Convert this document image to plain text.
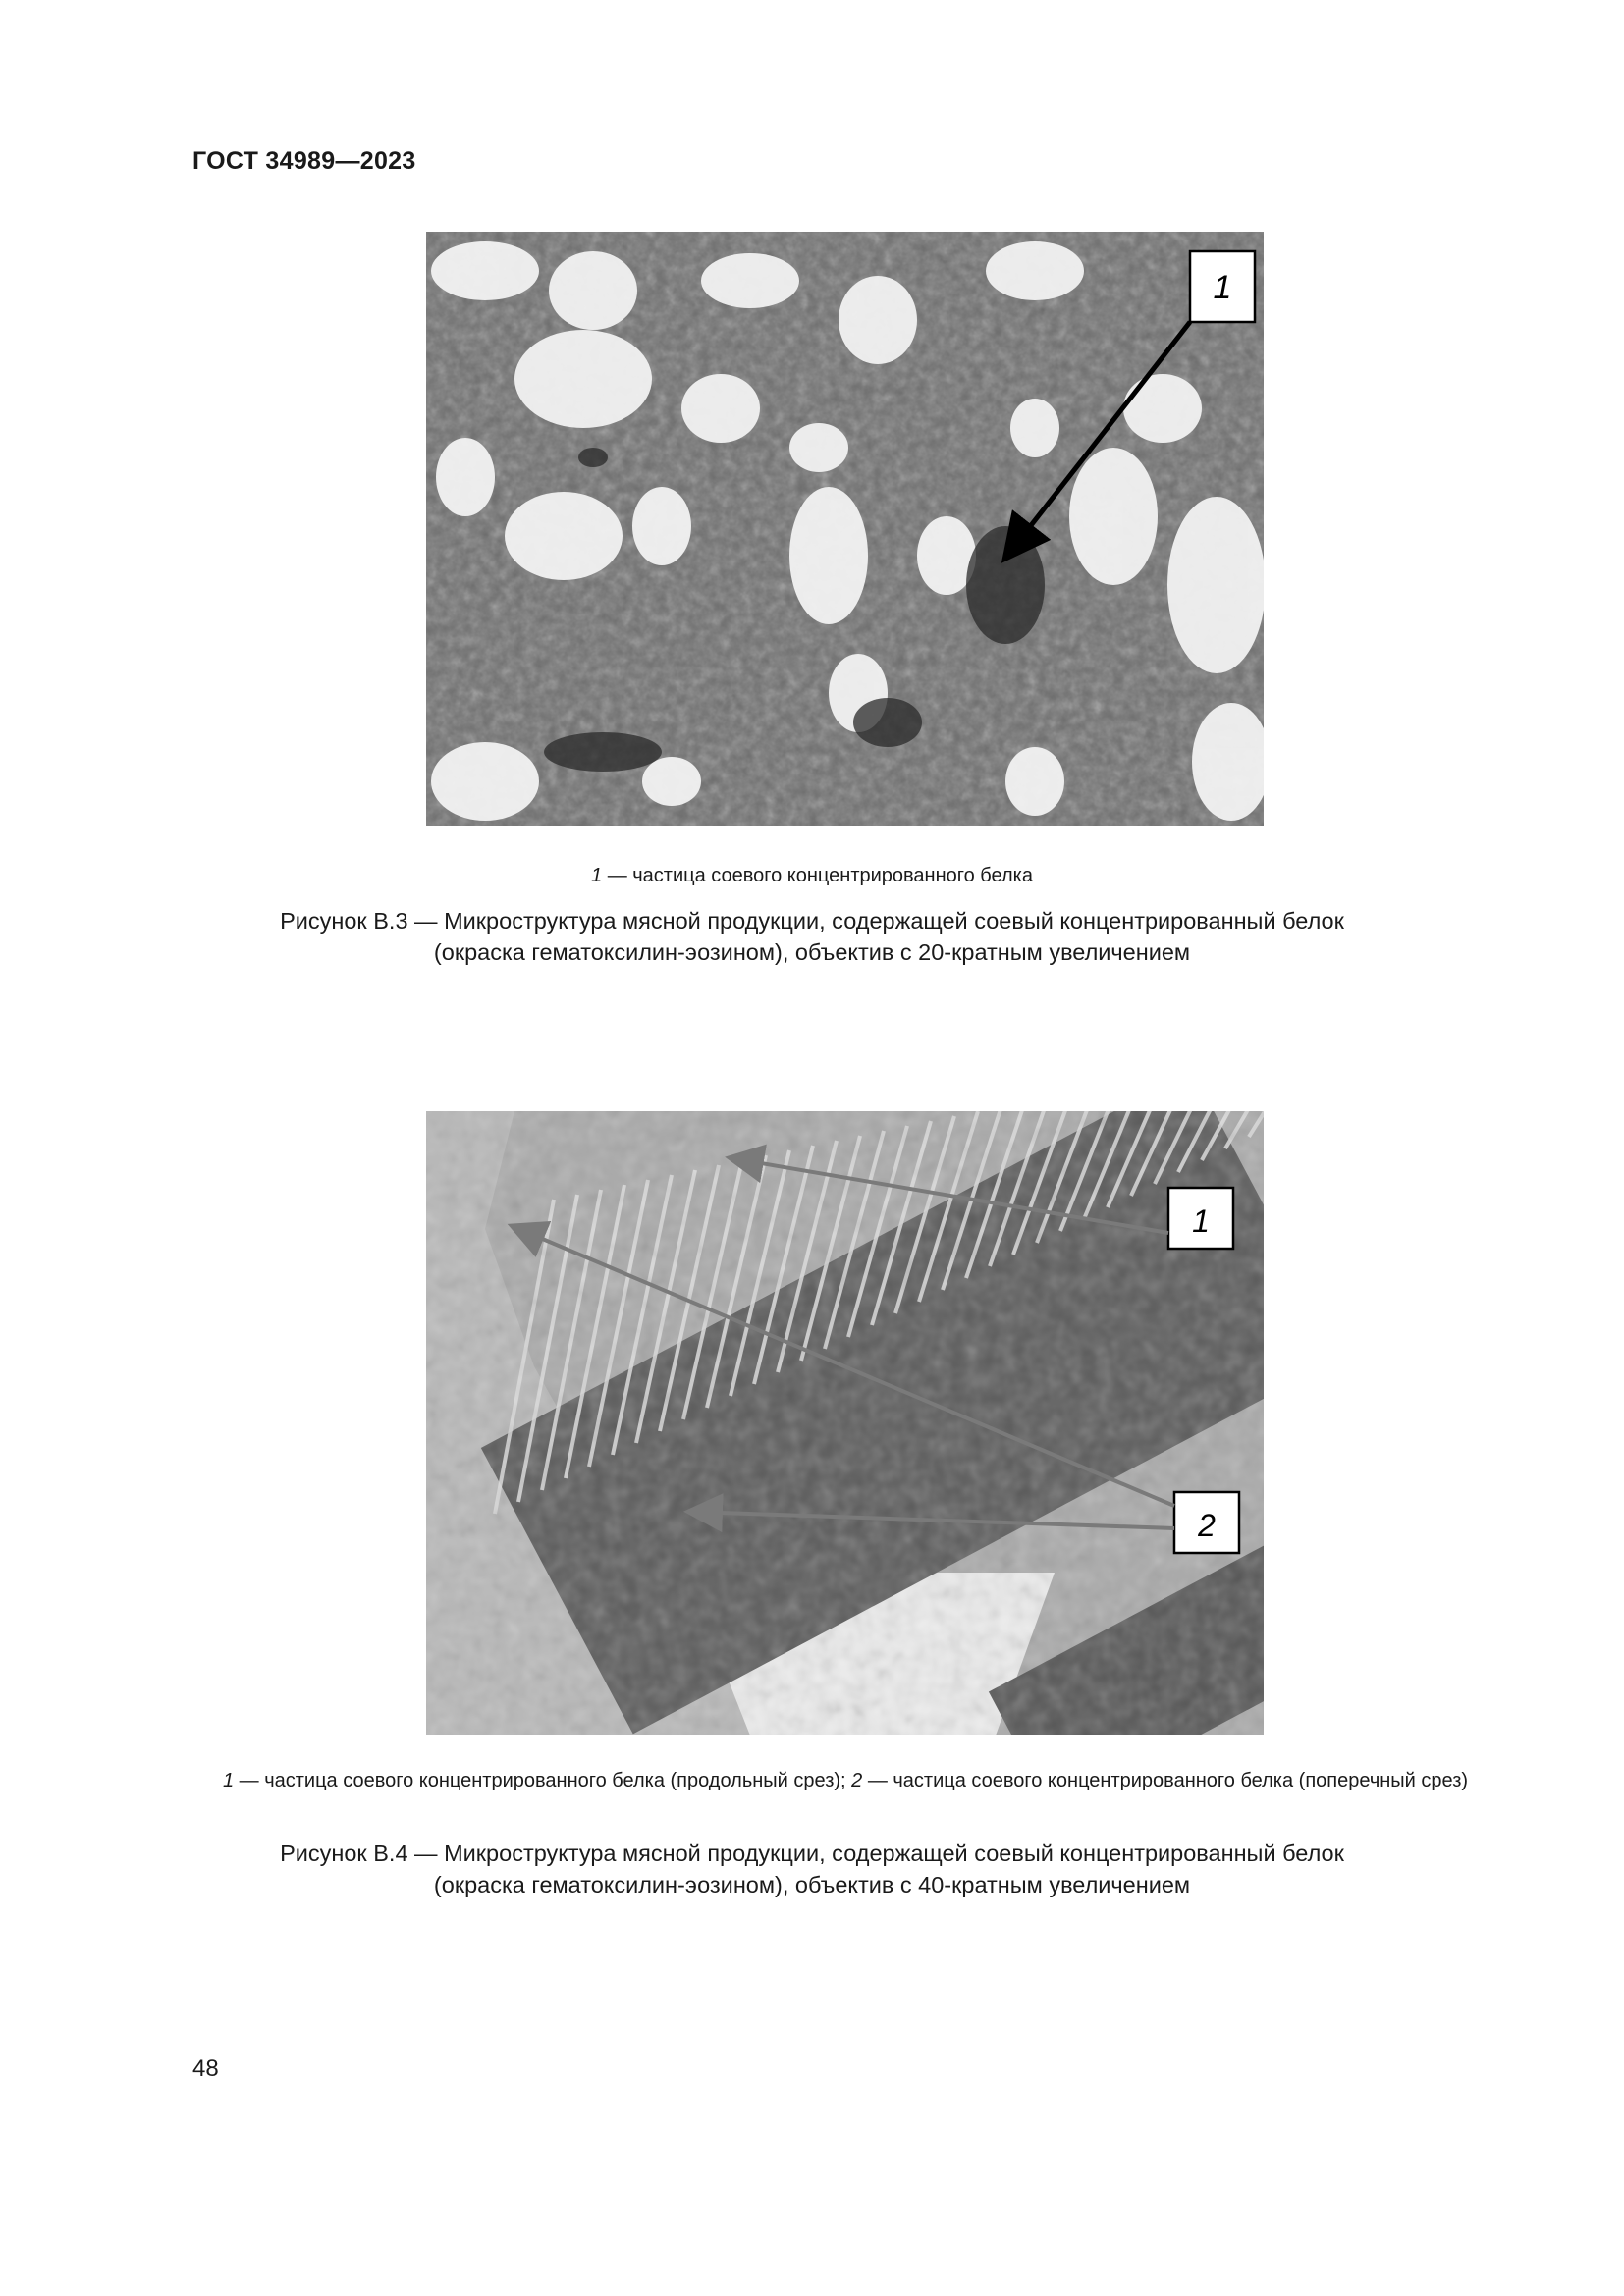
ГОСТ 34989—2023
1
1 — частица соевого концентрированного белка
Рисунок В.3 — Микроструктура мясной продукции, содержащей соевый концентрированный белок
(окраска гематоксилин-эозином), объектив с 20-кратным увеличением
1
2
1 — частица соевого концентрированного белка (продольный срез); 2 — частица соевого концентрированного белка (поперечный срез)
Рисунок В.4 — Микроструктура мясной продукции, содержащей соевый концентрированный белок
(окраска гематоксилин-эозином), объектив с 40-кратным увеличением
48
